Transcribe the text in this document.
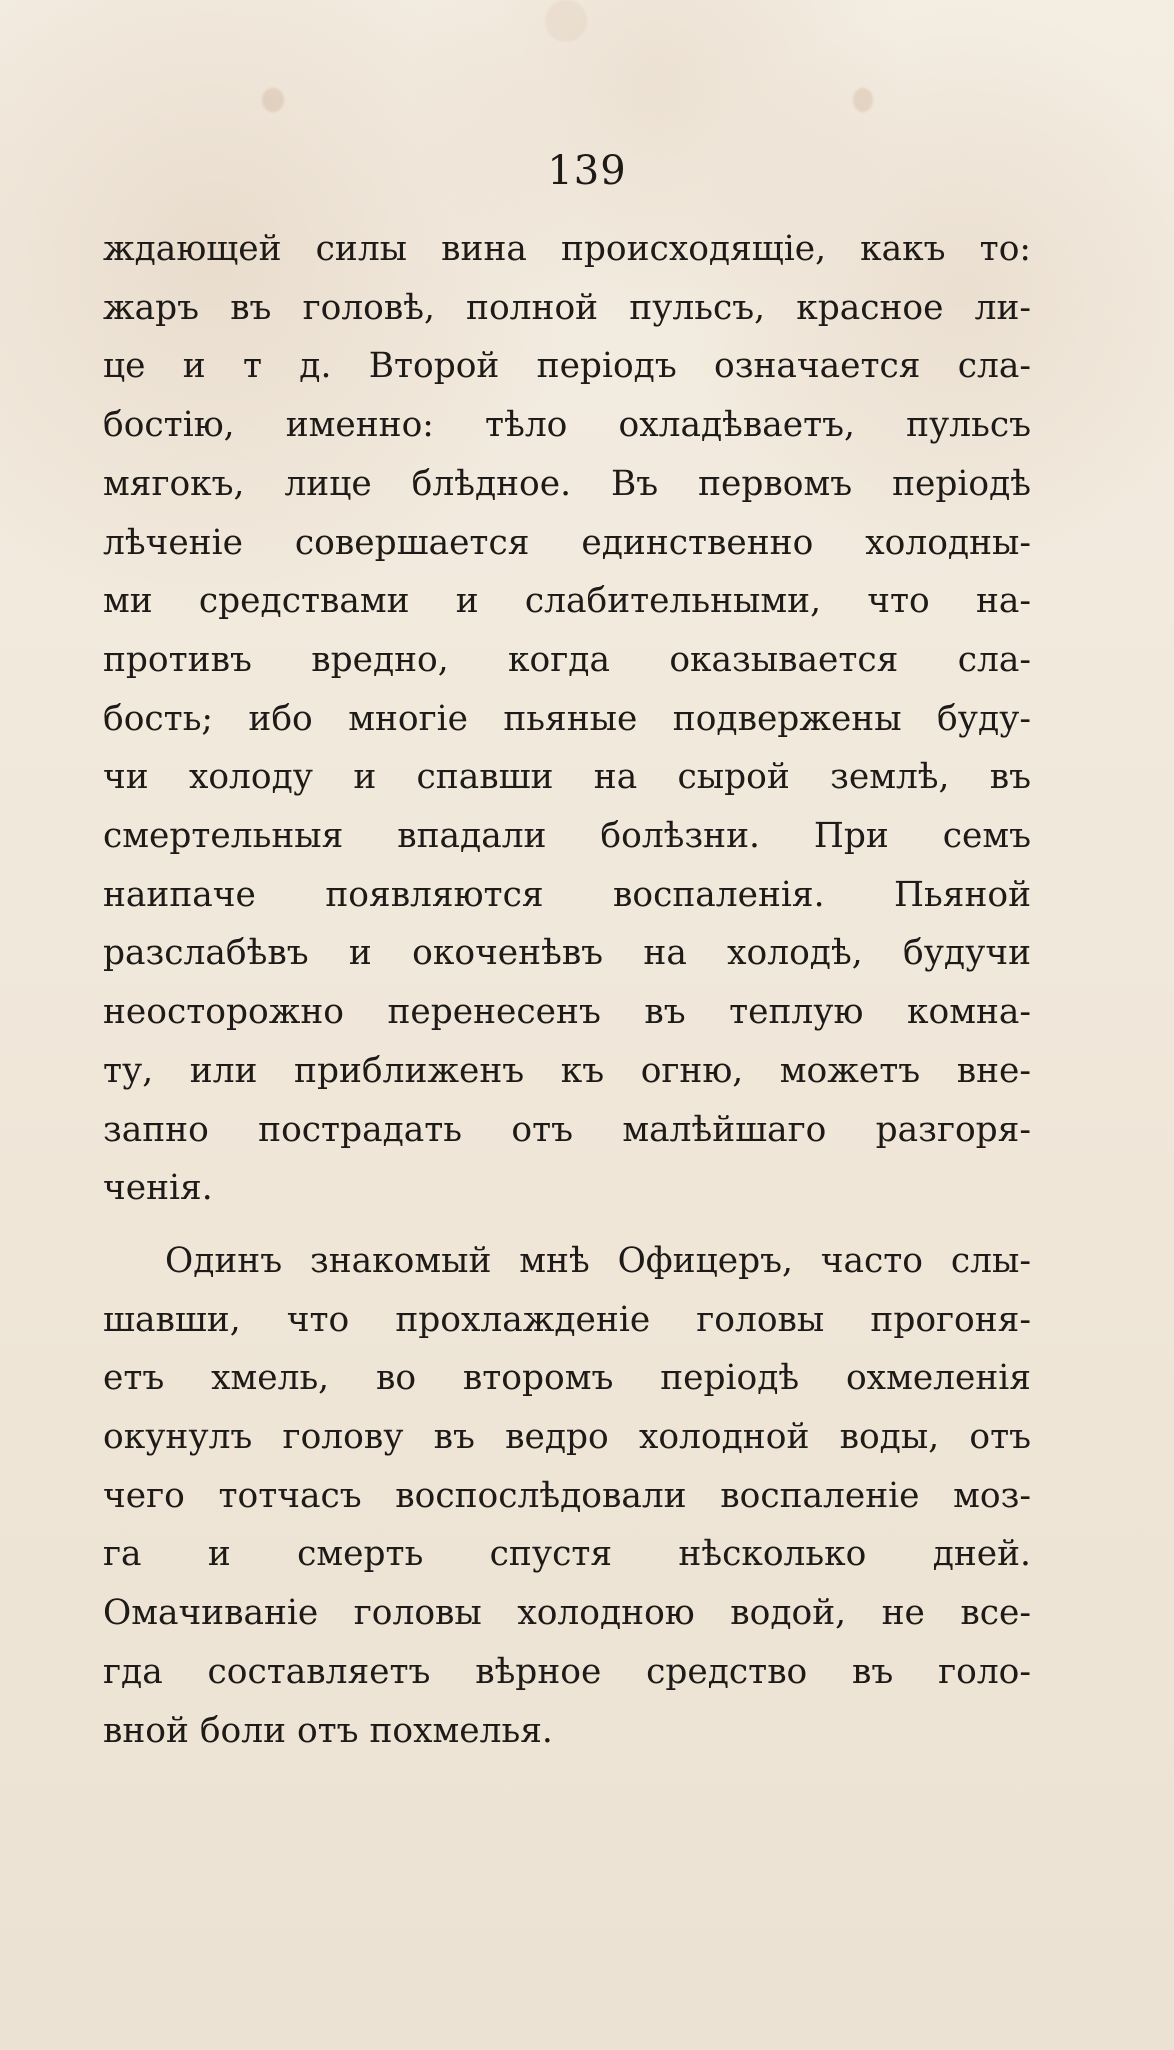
139
ждающей силы вина происходящіе, какъ то:
жаръ въ головѣ, полной пульсъ, красное ли-
це и т д. Второй періодъ означается сла-
бостію, именно: тѣло охладѣваетъ, пульсъ
мягокъ, лице блѣдное. Въ первомъ періодѣ
лѣченіе совершается единственно холодны-
ми средствами и слабительными, что на-
противъ вредно, когда оказывается сла-
бость; ибо многіе пьяные подвержены буду-
чи холоду и спавши на сырой землѣ, въ
смертельныя впадали болѣзни. При семъ
наипаче появляются воспаленія. Пьяной
разслабѣвъ и окоченѣвъ на холодѣ, будучи
неосторожно перенесенъ въ теплую комна-
ту, или приближенъ къ огню, можетъ вне-
запно пострадать отъ малѣйшаго разгоря-
ченія.
Одинъ знакомый мнѣ Офицеръ, часто слы-
шавши, что прохлажденіе головы прогоня-
етъ хмель, во второмъ періодѣ охмеленія
окунулъ голову въ ведро холодной воды, отъ
чего тотчасъ воспослѣдовали воспаленіе моз-
га и смерть спустя нѣсколько дней.
Омачиваніе головы холодною водой, не все-
гда составляетъ вѣрное средство въ голо-
вной боли отъ похмелья.
